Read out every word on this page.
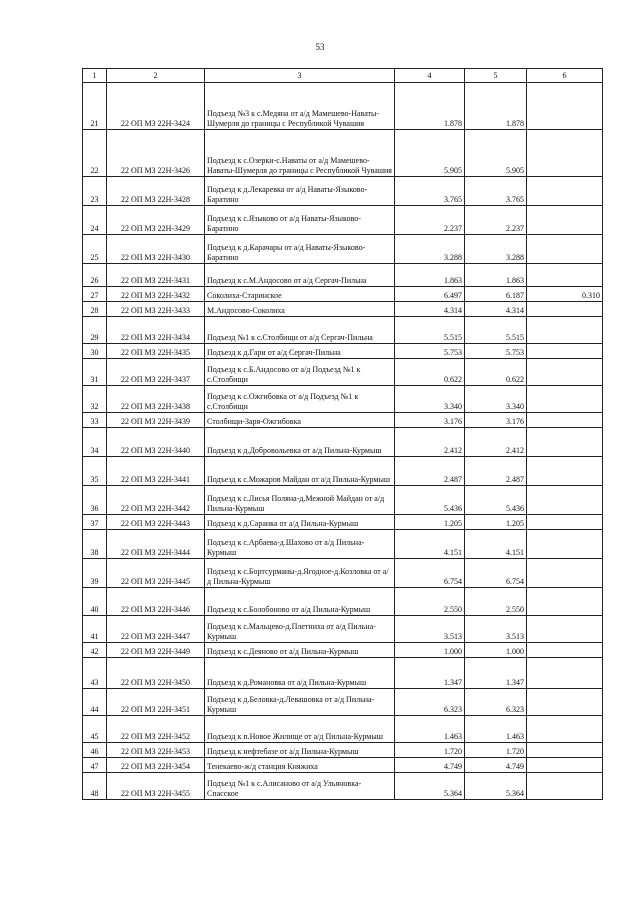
53
1	2	3	4	5	6
21	22 ОП МЗ 22Н-3424	Подъезд №3 к с.Медяна от а/д Мамешево-Наваты-Шумерля до границы с Республикой Чувашия	1.878	1.878	
22	22 ОП МЗ 22Н-3426	Подъезд к с.Озерки-с.Наваты от а/д Мамешево-Наваты-Шумерля до границы с Республикой Чувашия	5.905	5.905	
23	22 ОП МЗ 22Н-3428	Подъезд к д.Лекаревка от а/д Наваты-Языково-Баратино	3.765	3.765	
24	22 ОП МЗ 22Н-3429	Подъезд к с.Языково от а/д Наваты-Языково-Баратино	2.237	2.237	
25	22 ОП МЗ 22Н-3430	Подъезд к д.Карачары от а/д Наваты-Языково-Баратино	3.288	3.288	
26	22 ОП МЗ 22Н-3431	Подъезд к с.М.Андосово от а/д Сергач-Пильна	1.863	1.863	
27	22 ОП МЗ 22Н-3432	Соколиха-Стаpинское	6.497	6.187	0.310
28	22 ОП МЗ 22Н-3433	М.Андосово-Соколиха	4.314	4.314	
29	22 ОП МЗ 22Н-3434	Подъезд №1 к с.Столбищи от а/д Сергач-Пильна	5.515	5.515	
30	22 ОП МЗ 22Н-3435	Подъезд к д.Гари от а/д Сергач-Пильна	5.753	5.753	
31	22 ОП МЗ 22Н-3437	Подъезд к с.Б.Андосово от а/д Подъезд №1 к с.Столбищи	0.622	0.622	
32	22 ОП МЗ 22Н-3438	Подъезд к с.Ожгибовка от а/д Подъезд №1 к с.Столбищи	3.340	3.340	
33	22 ОП МЗ 22Н-3439	Столбищи-Заря-Ожгибовка	3.176	3.176	
34	22 ОП МЗ 22Н-3440	Подъезд к д.Добровольевка от а/д Пильна-Курмыш	2.412	2.412	
35	22 ОП МЗ 22Н-3441	Подъезд к с.Можаров Майдан от а/д Пильна-Курмыш	2.487	2.487	
36	22 ОП МЗ 22Н-3442	Подъезд к с.Лисья Поляна-д.Межной Майдан от а/д Пильна-Курмыш	5.436	5.436	
37	22 ОП МЗ 22Н-3443	Подъезд к д.Саранка от а/д Пильна-Курмыш	1.205	1.205	
38	22 ОП МЗ 22Н-3444	Подъезд к с.Арбаева-д.Шахово от а/д Пильна-Курмыш	4.151	4.151	
39	22 ОП МЗ 22Н-3445	Подъезд к с.Бортсурманы-д.Ягодное-д.Козловка от а/д Пильна-Курмыш	6.754	6.754	
40	22 ОП МЗ 22Н-3446	Подъезд к с.Болобоново от а/д Пильна-Курмыш	2.550	2.550	
41	22 ОП МЗ 22Н-3447	Подъезд к с.Мальцево-д.Плетниха от а/д Пильна-Курмыш	3.513	3.513	
42	22 ОП МЗ 22Н-3449	Подъезд к с.Деяново от а/д Пильна-Курмыш	1.000	1.000	
43	22 ОП МЗ 22Н-3450	Подъезд к д.Романовка от а/д Пильна-Курмыш	1.347	1.347	
44	22 ОП МЗ 22Н-3451	Подъезд к д.Беловка-д.Левашовка от а/д Пильна-Курмыш	6.323	6.323	
45	22 ОП МЗ 22Н-3452	Подъезд к п.Новое Жилище от а/д Пильна-Курмыш	1.463	1.463	
46	22 ОП МЗ 22Н-3453	Подъезд к нефтебазе от а/д Пильна-Курмыш	1.720	1.720	
47	22 ОП МЗ 22Н-3454	Тенекаево-ж/д станция Княжиха	4.749	4.749	
48	22 ОП МЗ 22Н-3455	Подъезд №1 к с.Алисаново от а/д Ульяновка-Спасское	5.364	5.364	
